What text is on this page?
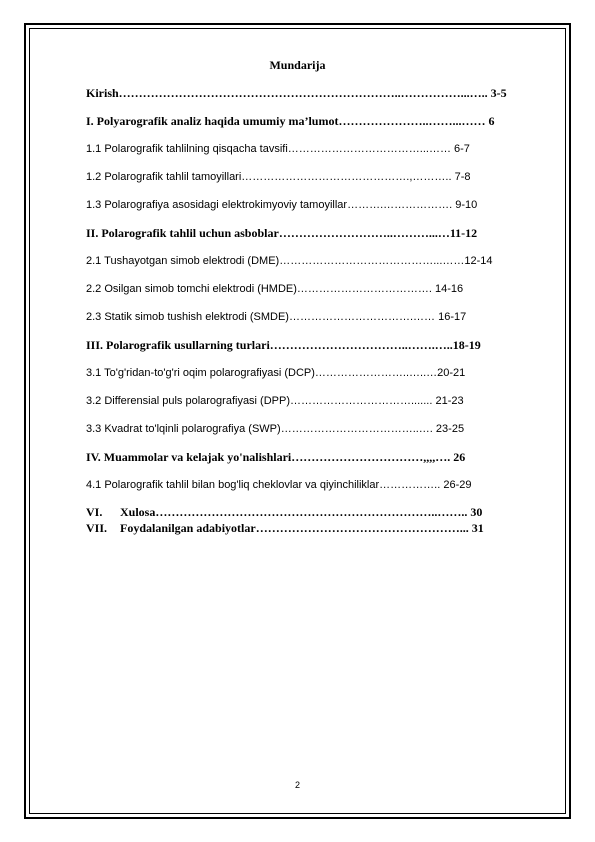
Mundarija
Kirish……………………………………………………………..……………...….. 3-5
I. Polyarografik analiz haqida umumiy ma’lumot…………………..……...…… 6
1.1 Polarografik tahlilning qisqacha tavsifi………………………………...…… 6-7
1.2 Polarografik tahlil tamoyillari……………………………………….,……….. 7-8
1.3 Polarografiya asosidagi elektrokimyoviy tamoyillar……….………………. 9-10
II. Polarografik tahlil uchun asboblar………………………..………...…11-12
2.1 Tushayotgan simob elektrodi (DME)……………………………………...……12-14
2.2 Osilgan simob tomchi elektrodi (HMDE)………………………………. 14-16
2.3 Statik simob tushish elektrodi (SMDE)…………………………….…… 16-17
III. Polarografik usullarning turlari……………………………..…….…..18-19
3.1 To'g'ridan-to'g'ri oqim polarografiyasi (DCP)……………………..…..…20-21
3.2 Differensial puls polarografiyasi (DPP)……………………………....... 21-23
3.3 Kvadrat to'lqinli polarografiya (SWP)………………………………..…. 23-25
IV. Muammolar va kelajak yo'nalishlari……………………………,,,,…. 26
4.1 Polarografik tahlil bilan bog'liq cheklovlar va qiyinchiliklar…………….. 26-29
VI. Xulosa……………………………………………………………..…….. 30
VII. Foydalanilgan adabiyotlar……………………………………………... 31
2
